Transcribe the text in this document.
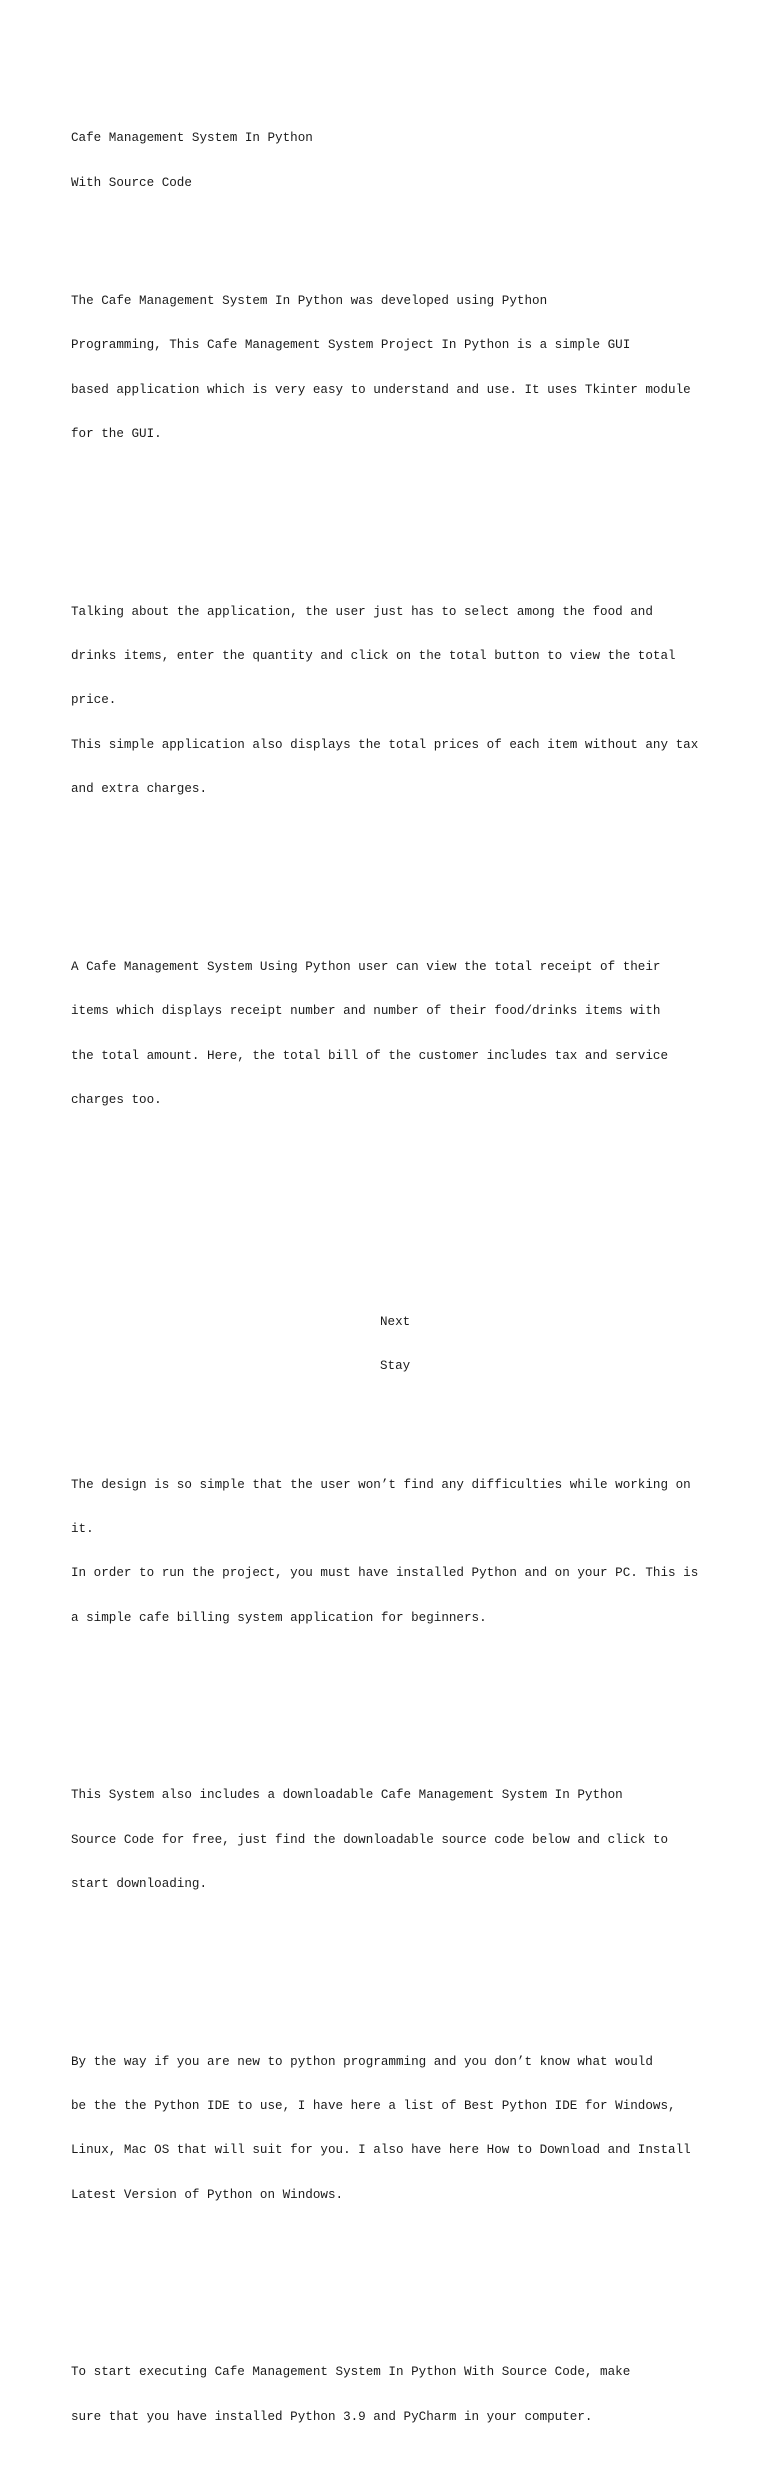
Cafe Management System In Python

With Source Code

The Cafe Management System In Python was developed using Python

Programming, This Cafe Management System Project In Python is a simple GUI

based application which is very easy to understand and use. It uses Tkinter module

for the GUI.

Talking about the application, the user just has to select among the food and

drinks items, enter the quantity and click on the total button to view the total

price.

This simple application also displays the total prices of each item without any tax

and extra charges.

A Cafe Management System Using Python user can view the total receipt of their

items which displays receipt number and number of their food/drinks items with

the total amount. Here, the total bill of the customer includes tax and service

charges too.

Next

Stay

The design is so simple that the user won’t find any difficulties while working on

it.

In order to run the project, you must have installed Python and on your PC. This is

a simple cafe billing system application for beginners.

This System also includes a downloadable Cafe Management System In Python

Source Code for free, just find the downloadable source code below and click to

start downloading.

By the way if you are new to python programming and you don’t know what would

be the the Python IDE to use, I have here a list of Best Python IDE for Windows,

Linux, Mac OS that will suit for you. I also have here How to Download and Install

Latest Version of Python on Windows.

To start executing Cafe Management System In Python With Source Code, make

sure that you have installed Python 3.9 and PyCharm in your computer.
